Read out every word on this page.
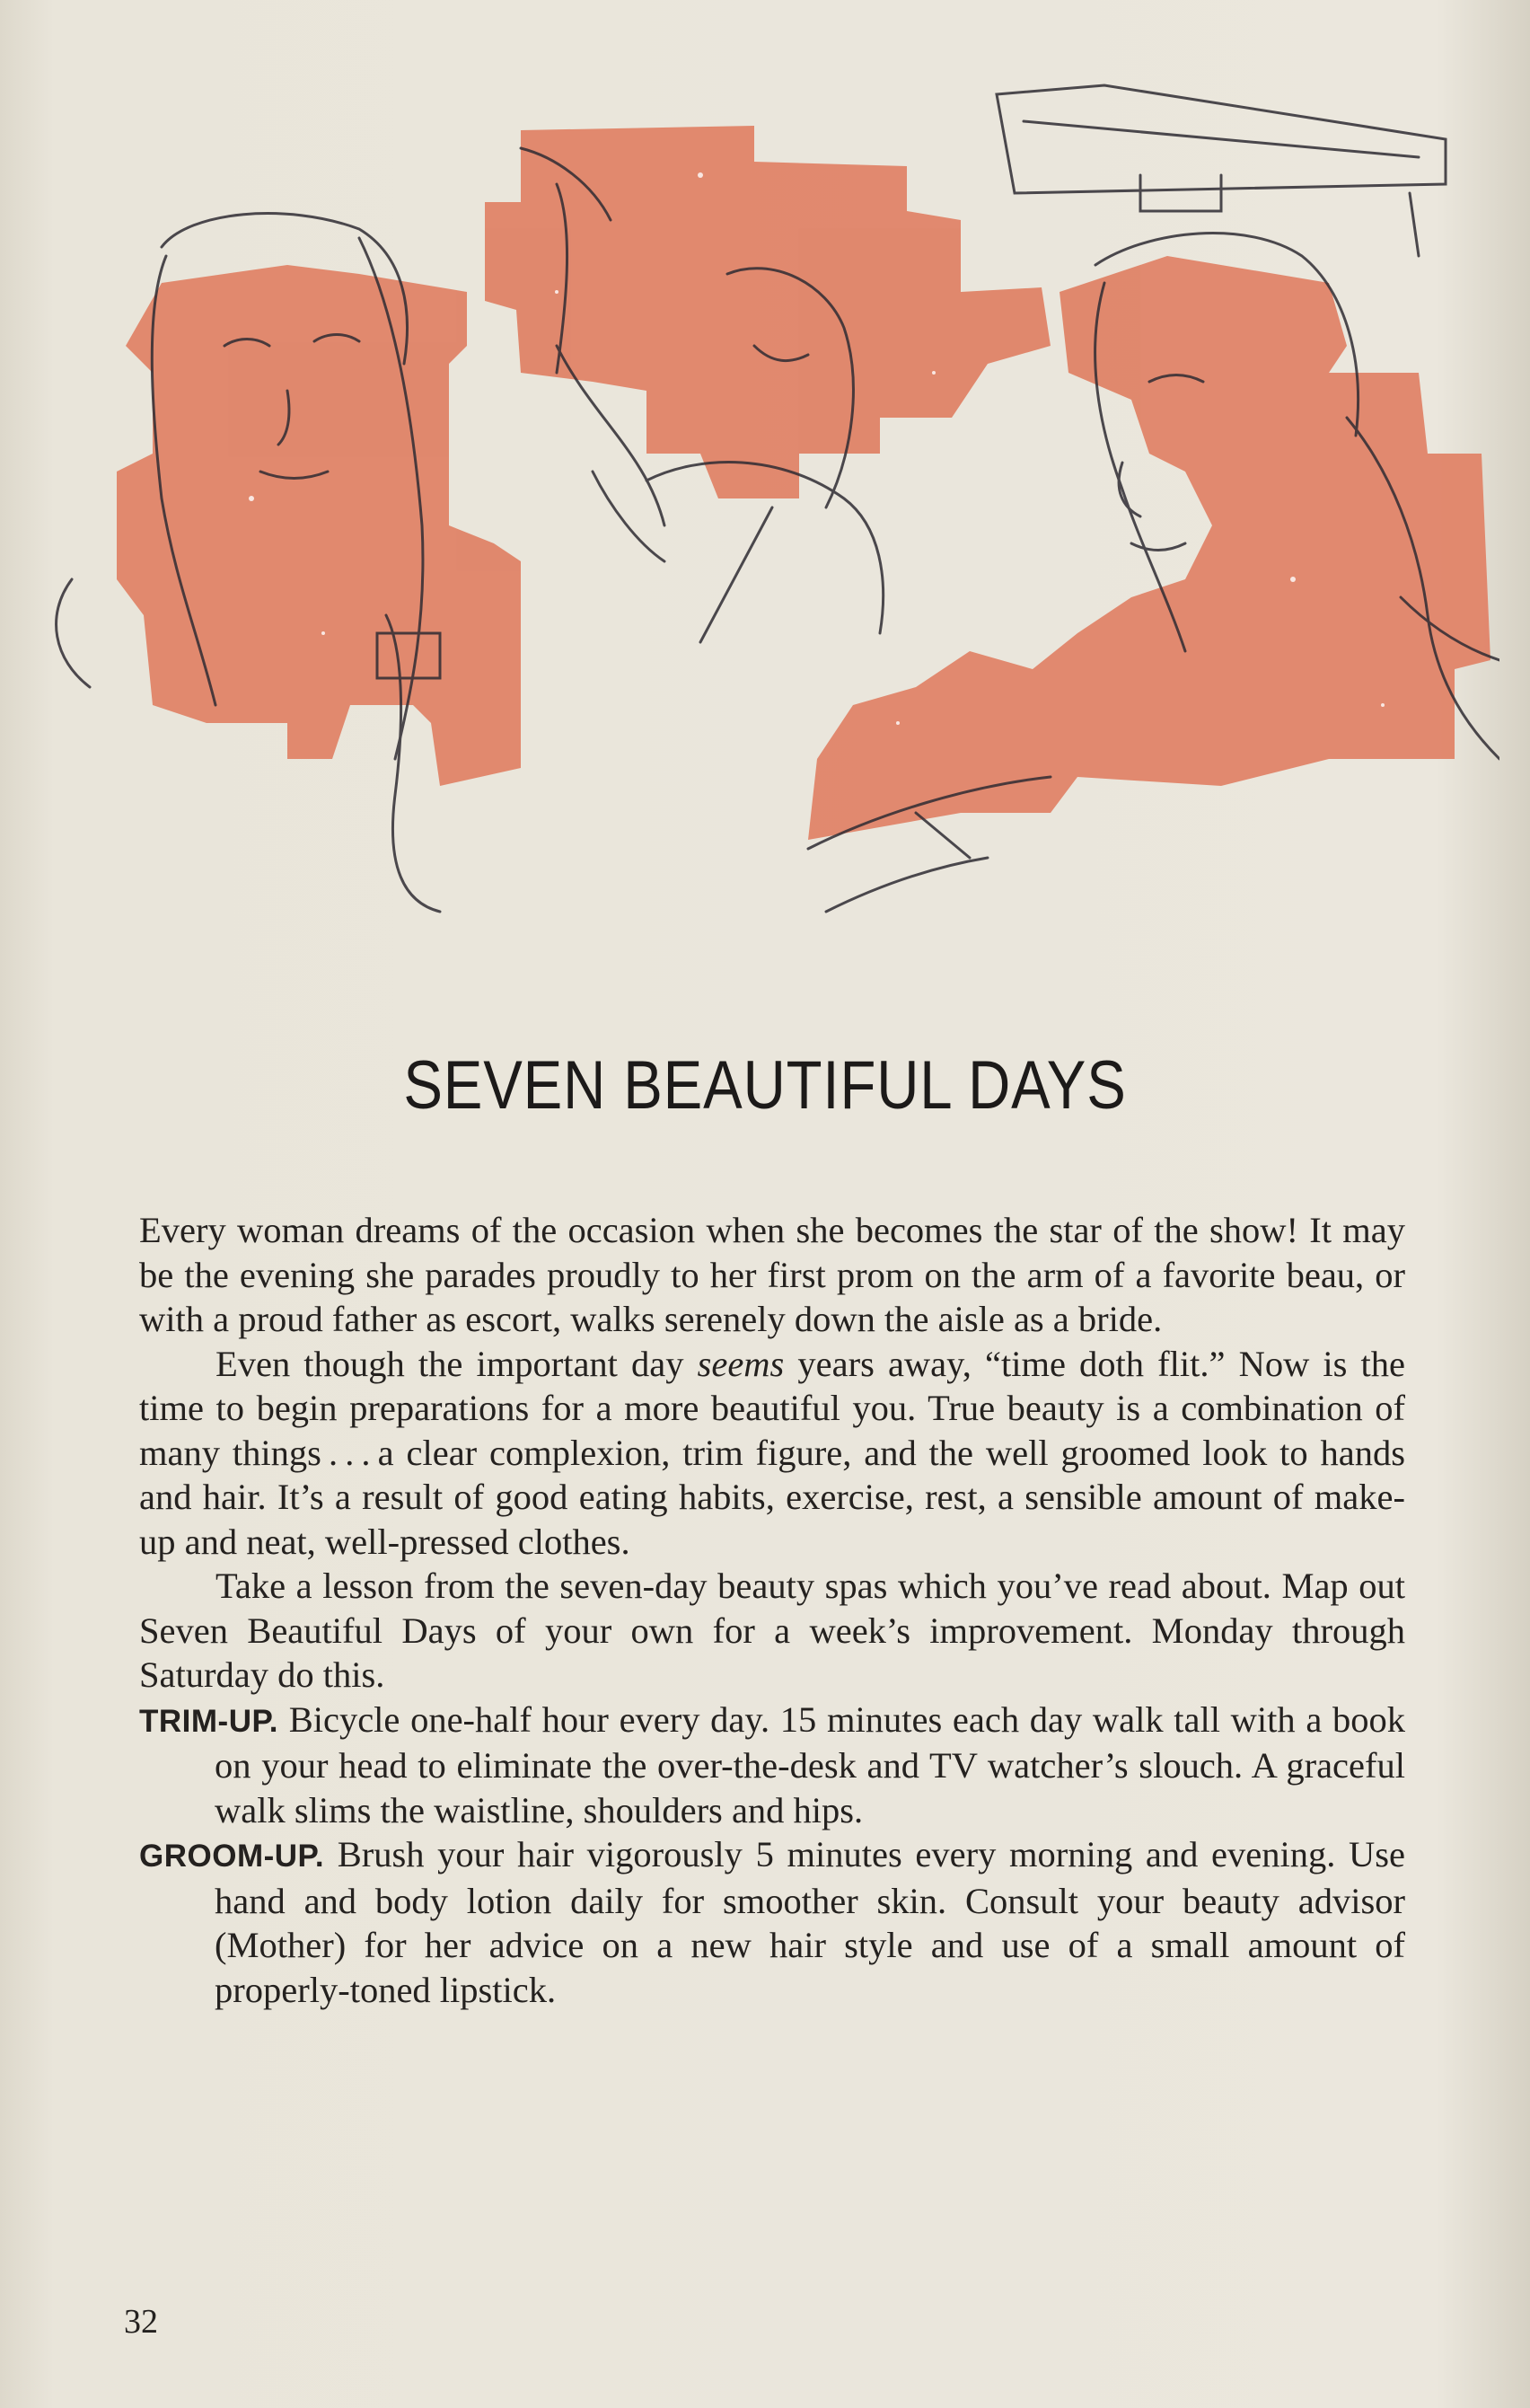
SEVEN BEAUTIFUL DAYS

Every woman dreams of the occasion when she becomes the star of the show! It may be the evening she parades proudly to her first prom on the arm of a favorite beau, or with a proud father as escort, walks serenely down the aisle as a bride.

Even though the important day seems years away, “time doth flit.” Now is the time to begin preparations for a more beautiful you. True beauty is a combination of many things . . . a clear complexion, trim figure, and the well groomed look to hands and hair. It’s a result of good eating habits, exercise, rest, a sensible amount of make-up and neat, well-pressed clothes.

Take a lesson from the seven-day beauty spas which you’ve read about. Map out Seven Beautiful Days of your own for a week’s improvement. Monday through Saturday do this.

TRIM-UP. Bicycle one-half hour every day. 15 minutes each day walk tall with a book on your head to eliminate the over-the-desk and TV watcher’s slouch. A graceful walk slims the waistline, shoulders and hips.

GROOM-UP. Brush your hair vigorously 5 minutes every morning and evening. Use hand and body lotion daily for smoother skin. Consult your beauty advisor (Mother) for her advice on a new hair style and use of a small amount of properly-toned lipstick.

32
